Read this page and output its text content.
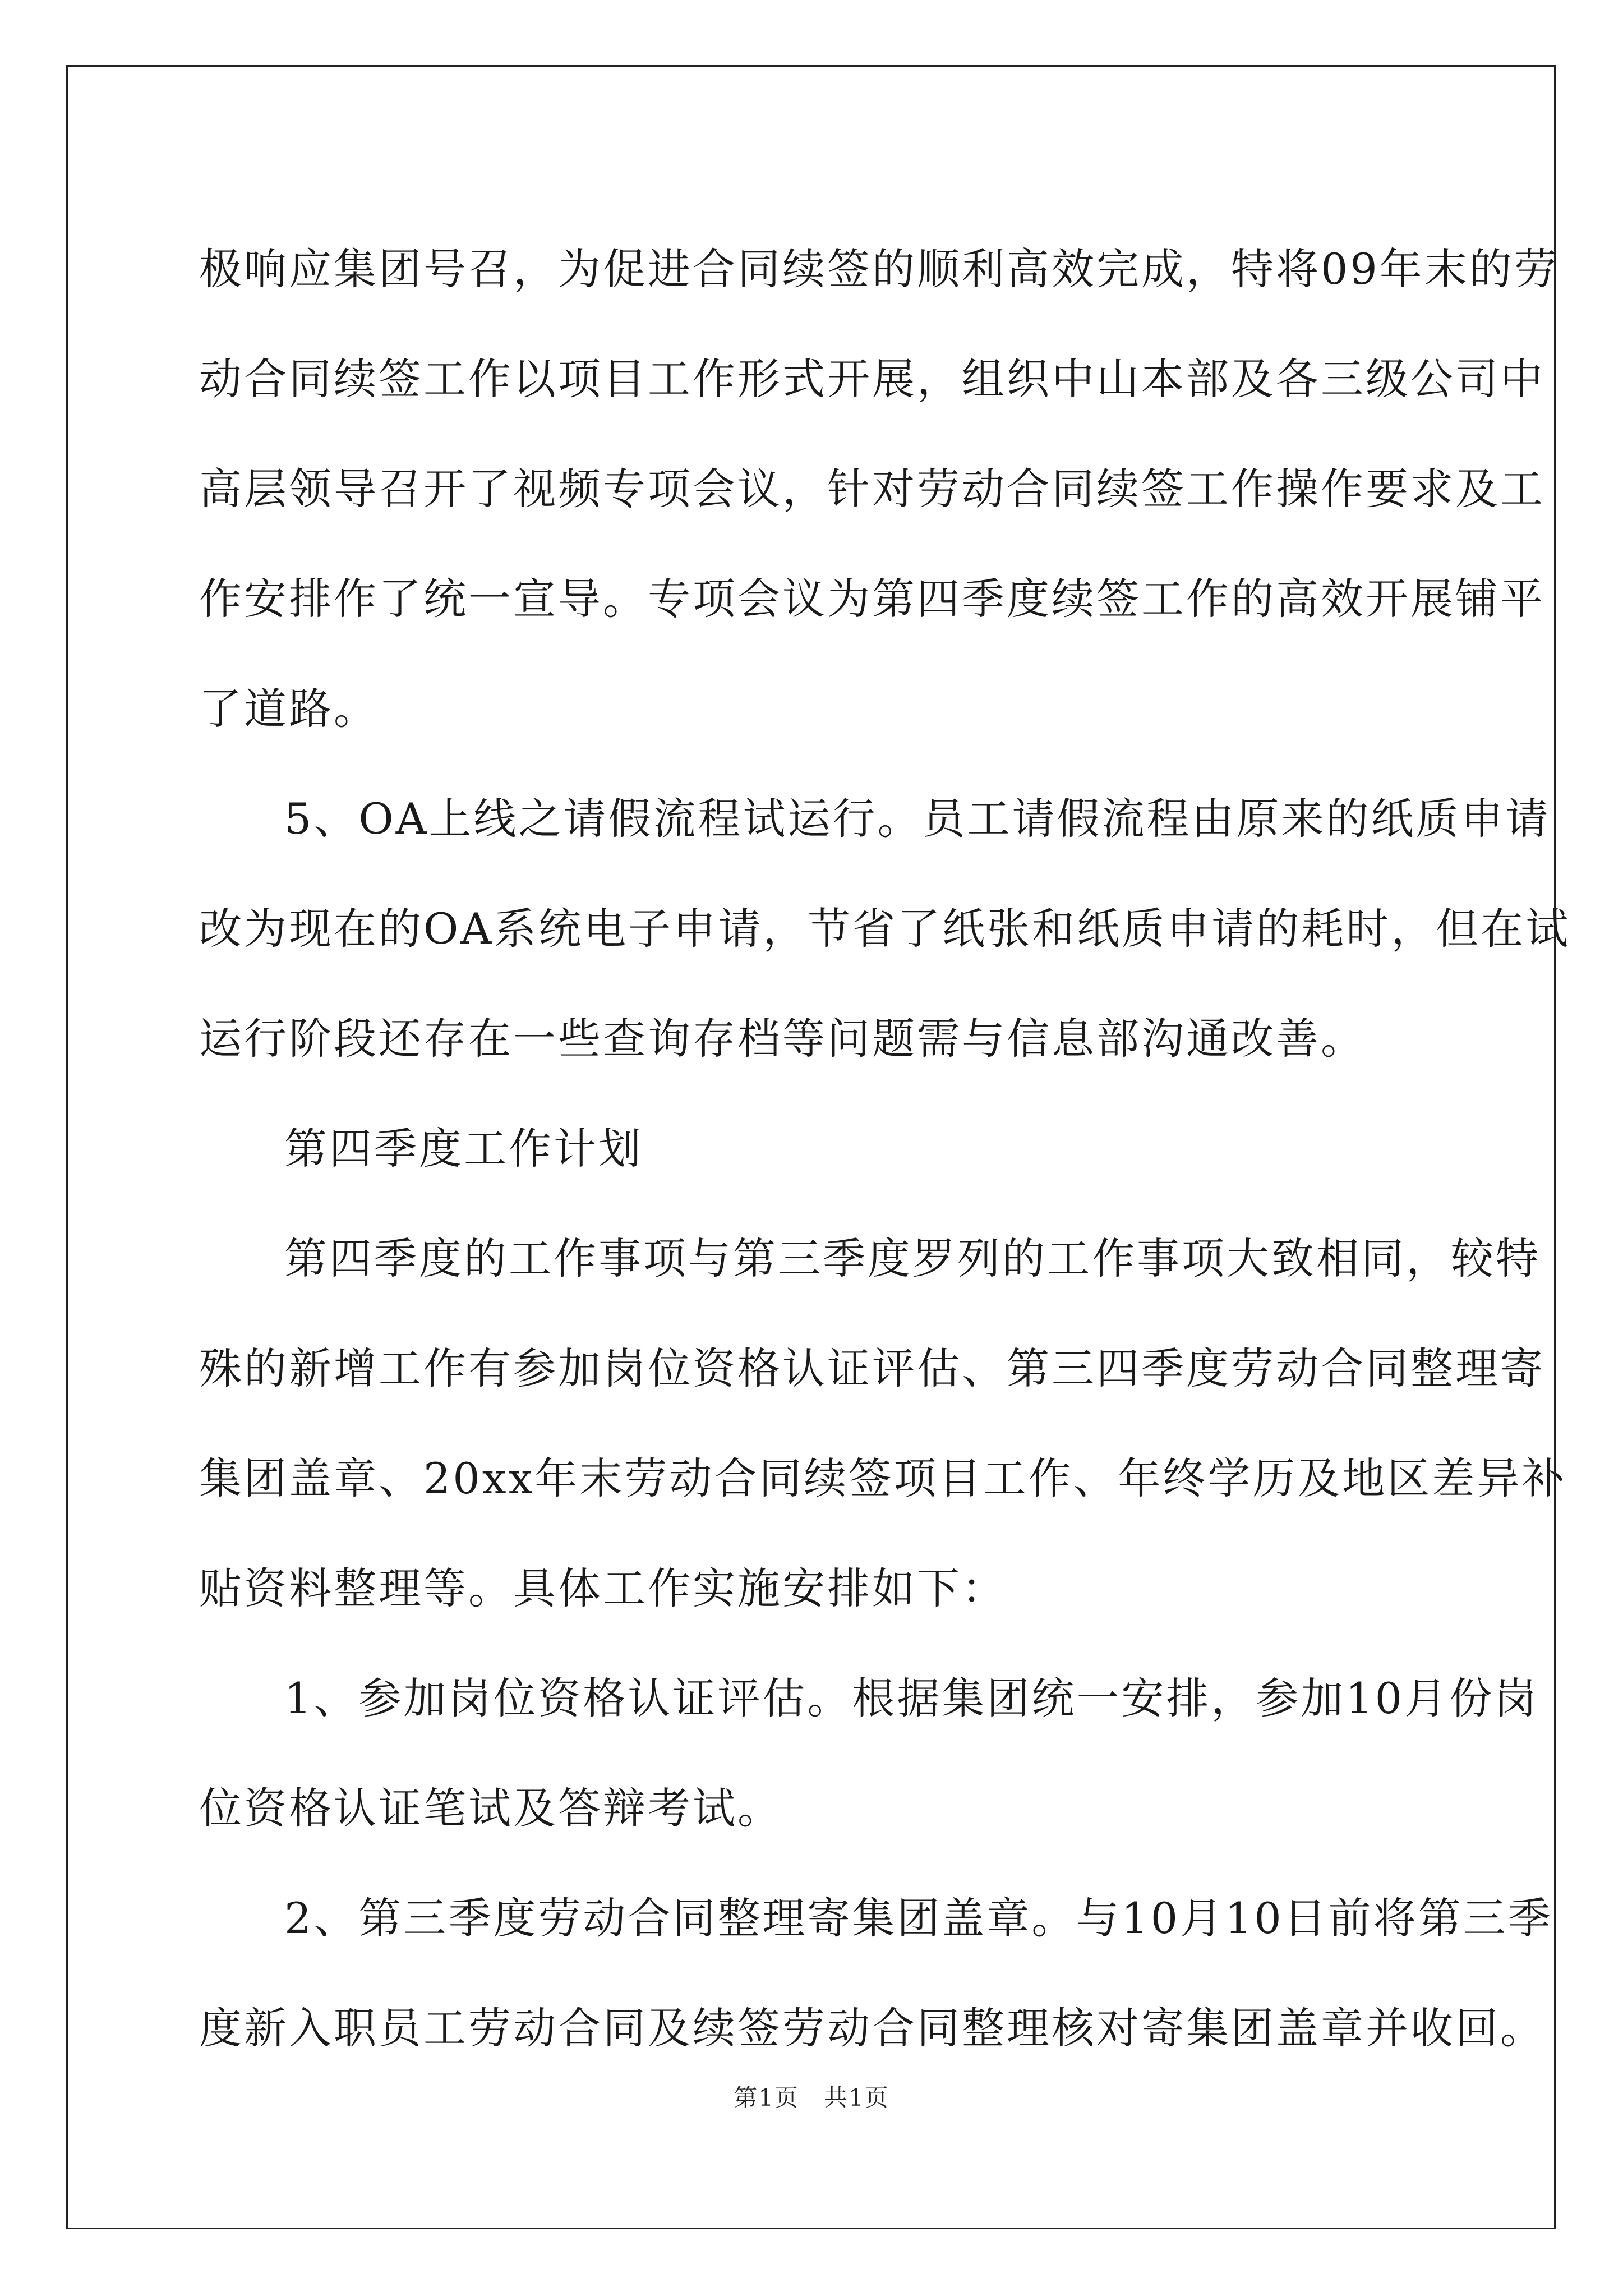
极响应集团号召，为促进合同续签的顺利高效完成，特将09年末的劳
动合同续签工作以项目工作形式开展，组织中山本部及各三级公司中
高层领导召开了视频专项会议，针对劳动合同续签工作操作要求及工
作安排作了统一宣导。专项会议为第四季度续签工作的高效开展铺平
了道路。

5、OA上线之请假流程试运行。员工请假流程由原来的纸质申请
改为现在的OA系统电子申请，节省了纸张和纸质申请的耗时，但在试
运行阶段还存在一些查询存档等问题需与信息部沟通改善。

第四季度工作计划

第四季度的工作事项与第三季度罗列的工作事项大致相同，较特
殊的新增工作有参加岗位资格认证评估、第三四季度劳动合同整理寄
集团盖章、20xx年末劳动合同续签项目工作、年终学历及地区差异补
贴资料整理等。具体工作实施安排如下：

1、参加岗位资格认证评估。根据集团统一安排，参加10月份岗
位资格认证笔试及答辩考试。

2、第三季度劳动合同整理寄集团盖章。与10月10日前将第三季
度新入职员工劳动合同及续签劳动合同整理核对寄集团盖章并收回。

第1页　共1页
